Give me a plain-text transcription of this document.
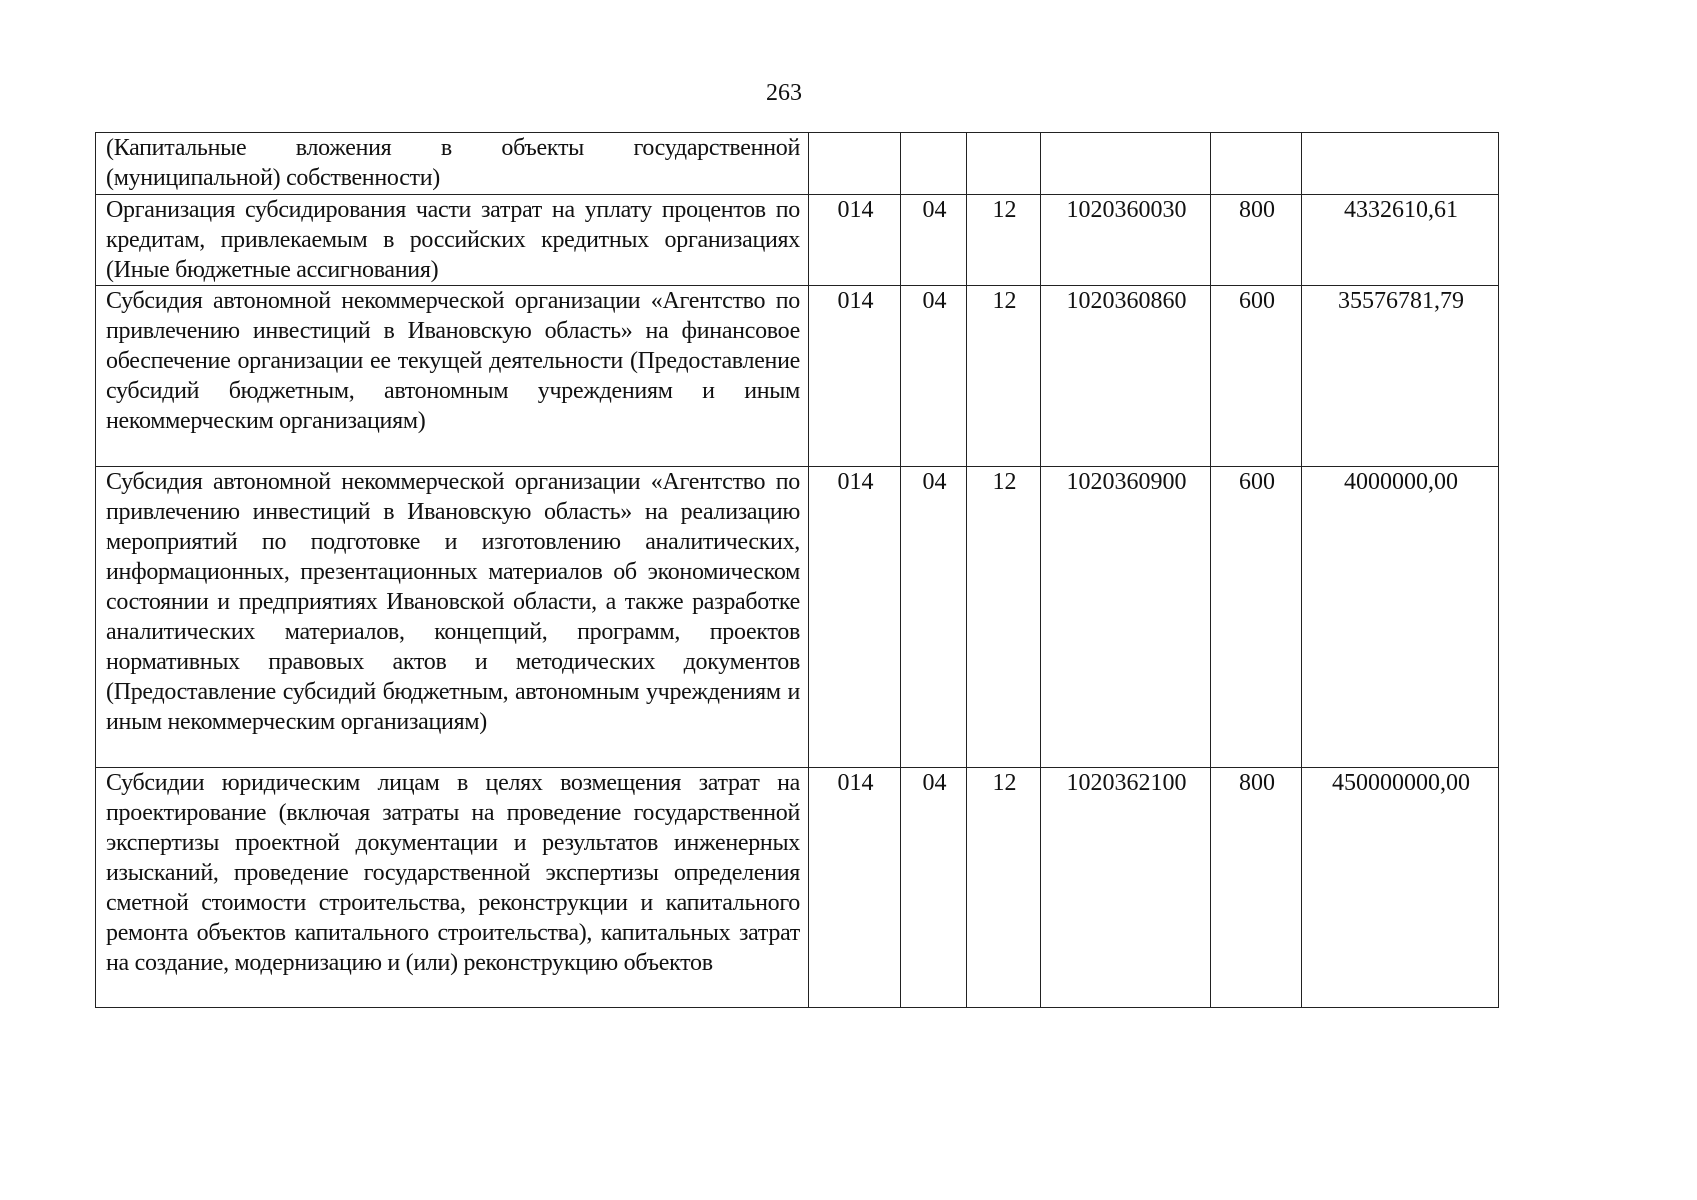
263
(Капитальные вложения в объекты государственной (муниципальной) собственности)						
Организация субсидирования части затрат на уплату процентов по кредитам, привлекаемым в российских кредитных организациях (Иные бюджетные ассигнования)	014	04	12	1020360030	800	4332610,61
Субсидия автономной некоммерческой организации «Агентство по привлечению инвестиций в Ивановскую область» на финансовое обеспечение организации ее текущей деятельности (Предоставление субсидий бюджетным, автономным учреждениям и иным некоммерческим организациям)	014	04	12	1020360860	600	35576781,79
Субсидия автономной некоммерческой организации «Агентство по привлечению инвестиций в Ивановскую область» на реализацию мероприятий по подготовке и изготовлению аналитических, информационных, презентационных материалов об экономическом состоянии и предприятиях Ивановской области, а также разработке аналитических материалов, концепций, программ, проектов нормативных правовых актов и методических документов (Предоставление субсидий бюджетным, автономным учреждениям и иным некоммерческим организациям)	014	04	12	1020360900	600	4000000,00
Субсидии юридическим лицам в целях возмещения затрат на проектирование (включая затраты на проведение государственной экспертизы проектной документации и результатов инженерных изысканий, проведение государственной экспертизы определения сметной стоимости строительства, реконструкции и капитального ремонта объектов капитального строительства), капитальных затрат на создание, модернизацию и (или) реконструкцию объектов	014	04	12	1020362100	800	450000000,00
